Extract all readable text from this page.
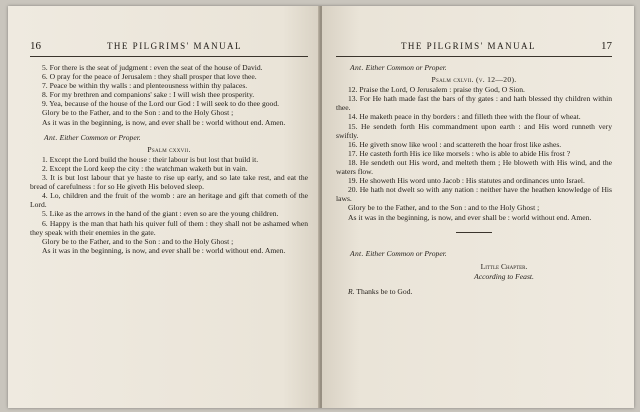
16	THE PILGRIMS' MANUAL

5. For there is the seat of judgment : even the seat of the house of David.

6. O pray for the peace of Jerusalem : they shall prosper that love thee.

7. Peace be within thy walls : and plenteousness within thy palaces.

8. For my brethren and companions' sake : I will wish thee prosperity.

9. Yea, because of the house of the Lord our God : I will seek to do thee good.

Glory be to the Father, and to the Son : and to the Holy Ghost ;

As it was in the beginning, is now, and ever shall be : world without end. Amen.

Ant. Either Common or Proper.
Psalm cxxvii.

1. Except the Lord build the house : their labour is but lost that build it.

2. Except the Lord keep the city : the watchman waketh but in vain.

3. It is but lost labour that ye haste to rise up early, and so late take rest, and eat the bread of carefulness : for so He giveth His beloved sleep.

4. Lo, children and the fruit of the womb : are an heritage and gift that cometh of the Lord.

5. Like as the arrows in the hand of the giant : even so are the young children.

6. Happy is the man that hath his quiver full of them : they shall not be ashamed when they speak with their enemies in the gate.

Glory be to the Father, and to the Son : and to the Holy Ghost ;

As it was in the beginning, is now, and ever shall be : world without end. Amen.

THE PILGRIMS' MANUAL	17
Ant. Either Common or Proper.
Psalm cxlvii. (v. 12—20).

12. Praise the Lord, O Jerusalem : praise thy God, O Sion.

13. For He hath made fast the bars of thy gates : and hath blessed thy children within thee.

14. He maketh peace in thy borders : and filleth thee with the flour of wheat.

15. He sendeth forth His commandment upon earth : and His word runneth very swiftly.

16. He giveth snow like wool : and scattereth the hoar frost like ashes.

17. He casteth forth His ice like morsels : who is able to abide His frost ?

18. He sendeth out His word, and melteth them ; He bloweth with His wind, and the waters flow.

19. He showeth His word unto Jacob : His statutes and ordinances unto Israel.

20. He hath not dwelt so with any nation : neither have the heathen knowledge of His laws.

Glory be to the Father, and to the Son : and to the Holy Ghost ;

As it was in the beginning, is now, and ever shall be : world without end. Amen.

Ant. Either Common or Proper.
Little Chapter.
According to Feast.

R. Thanks be to God.
